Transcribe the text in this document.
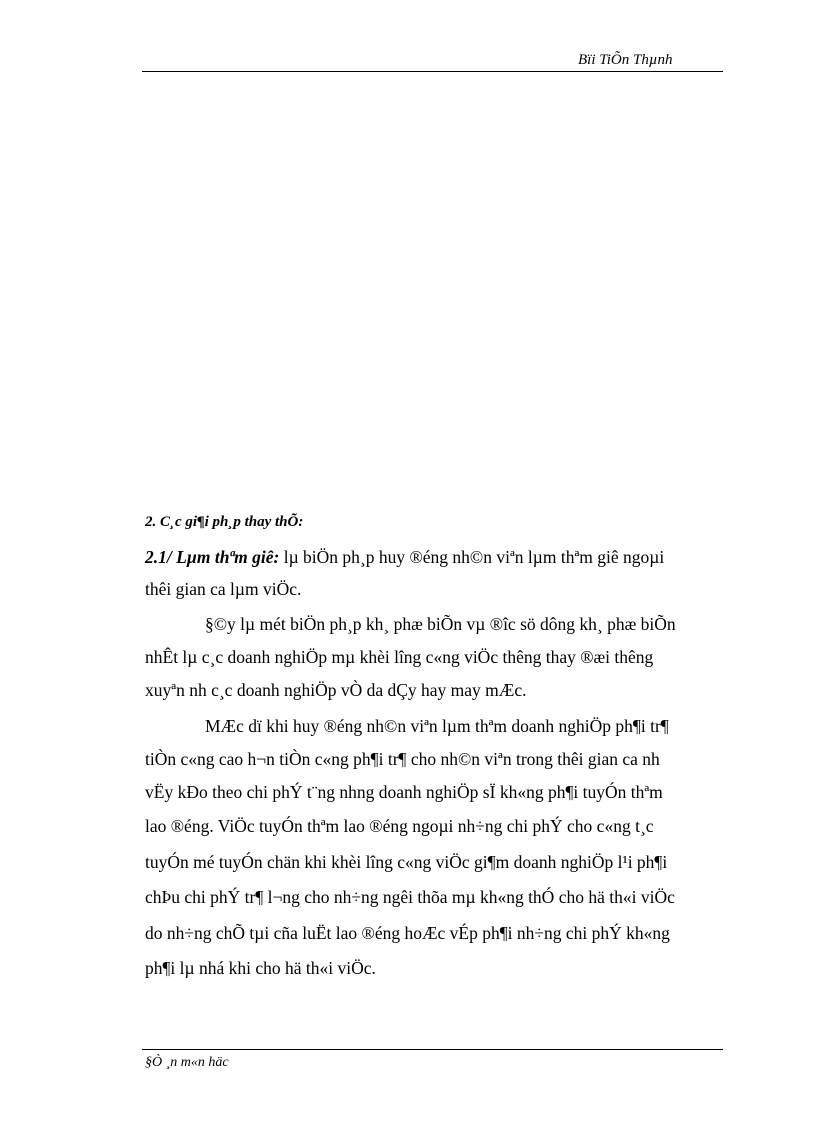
Bïi TiÕn Thµnh
2. C¸c gi¶i ph¸p thay thÕ:
2.1/ Lµm thªm giê: lµ biÖn ph¸p huy ®éng nh©n viªn lµm thªm giê ngoµi
thêi gian ca lµm viÖc.
§©y lµ mét biÖn ph¸p kh¸ phæ biÕn vµ ®îc sö dông kh¸ phæ biÕn
nhÊt lµ c¸c doanh nghiÖp mµ khèi lîng c«ng viÖc thêng thay ®æi thêng
xuyªn nh c¸c doanh nghiÖp vÒ da dÇy hay may mÆc.
MÆc dï khi huy ®éng nh©n viªn lµm thªm doanh nghiÖp ph¶i tr¶
tiÒn c«ng cao h¬n tiÒn c«ng ph¶i tr¶ cho nh©n viªn trong thêi gian ca nh
vËy kÐo theo chi phÝ t¨ng nhng doanh nghiÖp sÏ kh«ng ph¶i tuyÓn thªm
lao ®éng. ViÖc tuyÓn thªm lao ®éng ngoµi nh÷ng chi phÝ cho c«ng t¸c
tuyÓn mé tuyÓn chän khi khèi lîng c«ng viÖc gi¶m doanh nghiÖp l¹i ph¶i
chÞu chi phÝ tr¶ l¬ng cho nh÷ng ngêi thõa mµ kh«ng thÓ cho hä th«i viÖc
do nh÷ng chÕ tµi cña luËt lao ®éng hoÆc vÉp ph¶i nh÷ng chi phÝ kh«ng
ph¶i lµ nhá khi cho hä th«i viÖc.
§Ò ¸n m«n häc
